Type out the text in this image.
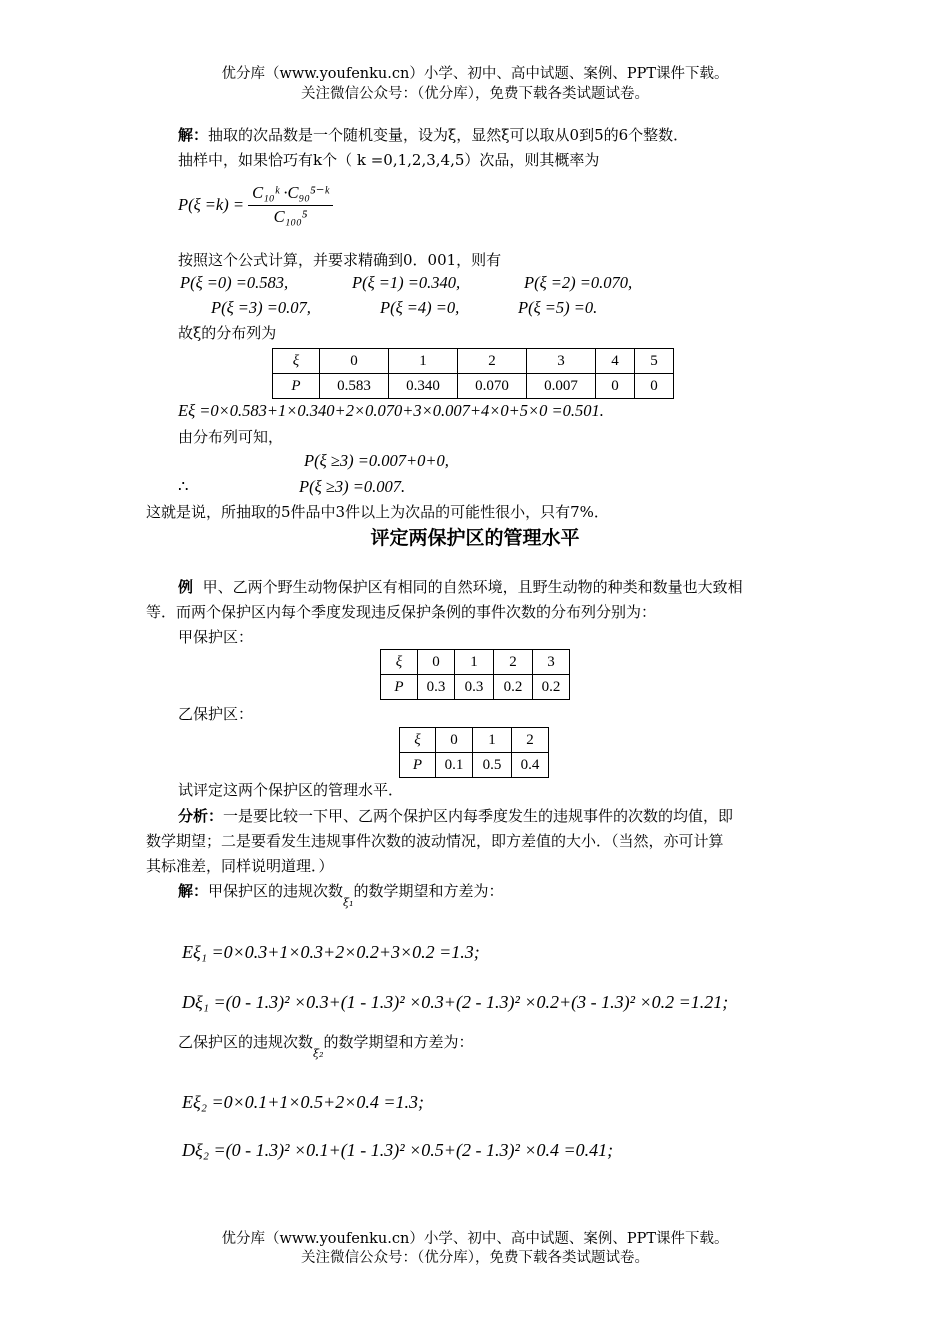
优分库（www.youfenku.cn）小学、初中、高中试题、案例、PPT课件下载。
关注微信公众号：（优分库），免费下载各类试题试卷。
解：抽取的次品数是一个随机变量，设为ξ，显然ξ可以取从0到5的6个整数．
抽样中，如果恰巧有k个（ k =0,1,2,3,4,5）次品，则其概率为
$P(\xi =k) = \frac{\text{C₁₀ᵏ ·C₉₀⁵⁻ᵏ}}{\text{C₁₀₀⁵}}$
按照这个公式计算，并要求精确到0．001，则有
P(ξ =0) =0.583,	P(ξ =1) =0.340,	P(ξ =2) =0.070,
P(ξ =3) =0.07,	P(ξ =4) =0,	P(ξ =5) =0.
故ξ的分布列为
ξ	0	1	2	3	4	5
P	0.583	0.340	0.070	0.007	0	0
Eξ =0×0.583+1×0.340+2×0.070+3×0.007+4×0+5×0 =0.501.
由分布列可知，
P(ξ ≥3) =0.007+0+0,
∴	P(ξ ≥3) =0.007.
这就是说，所抽取的5件品中3件以上为次品的可能性很小，只有7%．
评定两保护区的管理水平
例 甲、乙两个野生动物保护区有相同的自然环境，且野生动物的种类和数量也大致相
等．而两个保护区内每个季度发现违反保护条例的事件次数的分布列分别为：
甲保护区：
ξ	0	1	2	3
P	0.3	0.3	0.2	0.2
乙保护区：
ξ	0	1	2
P	0.1	0.5	0.4
试评定这两个保护区的管理水平．
分析：一是要比较一下甲、乙两个保护区内每季度发生的违规事件的次数的均值，即
数学期望；二是要看发生违规事件次数的波动情况，即方差值的大小．（当然，亦可计算
其标准差，同样说明道理．）
解：甲保护区的违规次数$_{\xi_1}$的数学期望和方差为：
Eξ₁ =0×0.3+1×0.3+2×0.2+3×0.2 =1.3;
Dξ₁ =(0 - 1.3)² ×0.3+(1 - 1.3)² ×0.3+(2 - 1.3)² ×0.2+(3 - 1.3)² ×0.2 =1.21;
乙保护区的违规次数$_{\xi_2}$的数学期望和方差为：
Eξ₂ =0×0.1+1×0.5+2×0.4 =1.3;
Dξ₂ =(0 - 1.3)² ×0.1+(1 - 1.3)² ×0.5+(2 - 1.3)² ×0.4 =0.41;
优分库（www.youfenku.cn）小学、初中、高中试题、案例、PPT课件下载。
关注微信公众号：（优分库），免费下载各类试题试卷。
